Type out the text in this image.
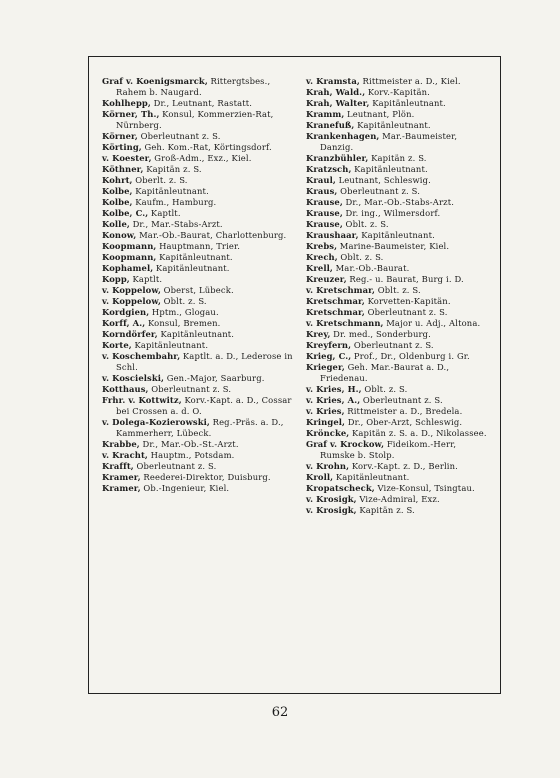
Graf v. Koenigsmarck, Rittergtsbes., Rahem b. Naugard.
Kohlhepp, Dr., Leutnant, Rastatt.
Körner, Th., Konsul, Kommerzien-Rat, Nürnberg.
Körner, Oberleutnant z. S.
Körting, Geh. Kom.-Rat, Körtingsdorf.
v. Koester, Groß-Adm., Exz., Kiel.
Köthner, Kapitän z. S.
Kohrt, Oberlt. z. S.
Kolbe, Kapitänleutnant.
Kolbe, Kaufm., Hamburg.
Kolbe, C., Kaptlt.
Kolle, Dr., Mar.-Stabs-Arzt.
Konow, Mar.-Ob.-Baurat, Charlottenburg.
Koopmann, Hauptmann, Trier.
Koopmann, Kapitänleutnant.
Kophamel, Kapitänleutnant.
Kopp, Kaptlt.
v. Koppelow, Oberst, Lübeck.
v. Koppelow, Oblt. z. S.
Kordgien, Hptm., Glogau.
Korff, A., Konsul, Bremen.
Korndörfer, Kapitänleutnant.
Korte, Kapitänleutnant.
v. Koschembahr, Kaptlt. a. D., Lederose in Schl.
v. Koscielski, Gen.-Major, Saarburg.
Kotthaus, Oberleutnant z. S.
Frhr. v. Kottwitz, Korv.-Kapt. a. D., Cossar bei Crossen a. d. O.
v. Dolega-Kozierowski, Reg.-Präs. a. D., Kammerherr, Lübeck.
Krabbe, Dr., Mar.-Ob.-St.-Arzt.
v. Kracht, Hauptm., Potsdam.
Krafft, Oberleutnant z. S.
Kramer, Reederei-Direktor, Duisburg.
Kramer, Ob.-Ingenieur, Kiel.
v. Kramsta, Rittmeister a. D., Kiel.
Krah, Wald., Korv.-Kapitän.
Krah, Walter, Kapitänleutnant.
Kramm, Leutnant, Plön.
Kranefuß, Kapitänleutnant.
Krankenhagen, Mar.-Baumeister, Danzig.
Kranzbühler, Kapitän z. S.
Kratzsch, Kapitänleutnant.
Kraul, Leutnant, Schleswig.
Kraus, Oberleutnant z. S.
Krause, Dr., Mar.-Ob.-Stabs-Arzt.
Krause, Dr. ing., Wilmersdorf.
Krause, Oblt. z. S.
Kraushaar, Kapitänleutnant.
Krebs, Marine-Baumeister, Kiel.
Krech, Oblt. z. S.
Krell, Mar.-Ob.-Baurat.
Kreuzer, Reg.- u. Baurat, Burg i. D.
v. Kretschmar, Oblt. z. S.
Kretschmar, Korvetten-Kapitän.
Kretschmar, Oberleutnant z. S.
v. Kretschmann, Major u. Adj., Altona.
Krey, Dr. med., Sonderburg.
Kreyfern, Oberleutnant z. S.
Krieg, C., Prof., Dr., Oldenburg i. Gr.
Krieger, Geh. Mar.-Baurat a. D., Friedenau.
v. Kries, H., Oblt. z. S.
v. Kries, A., Oberleutnant z. S.
v. Kries, Rittmeister a. D., Bredela.
Kringel, Dr., Ober-Arzt, Schleswig.
Kröncke, Kapitän z. S. a. D., Nikolassee.
Graf v. Krockow, Fideikom.-Herr, Rumske b. Stolp.
v. Krohn, Korv.-Kapt. z. D., Berlin.
Kroll, Kapitänleutnant.
Kropatscheck, Vize-Konsul, Tsingtau.
v. Krosigk, Vize-Admiral, Exz.
v. Krosigk, Kapitän z. S.
62
